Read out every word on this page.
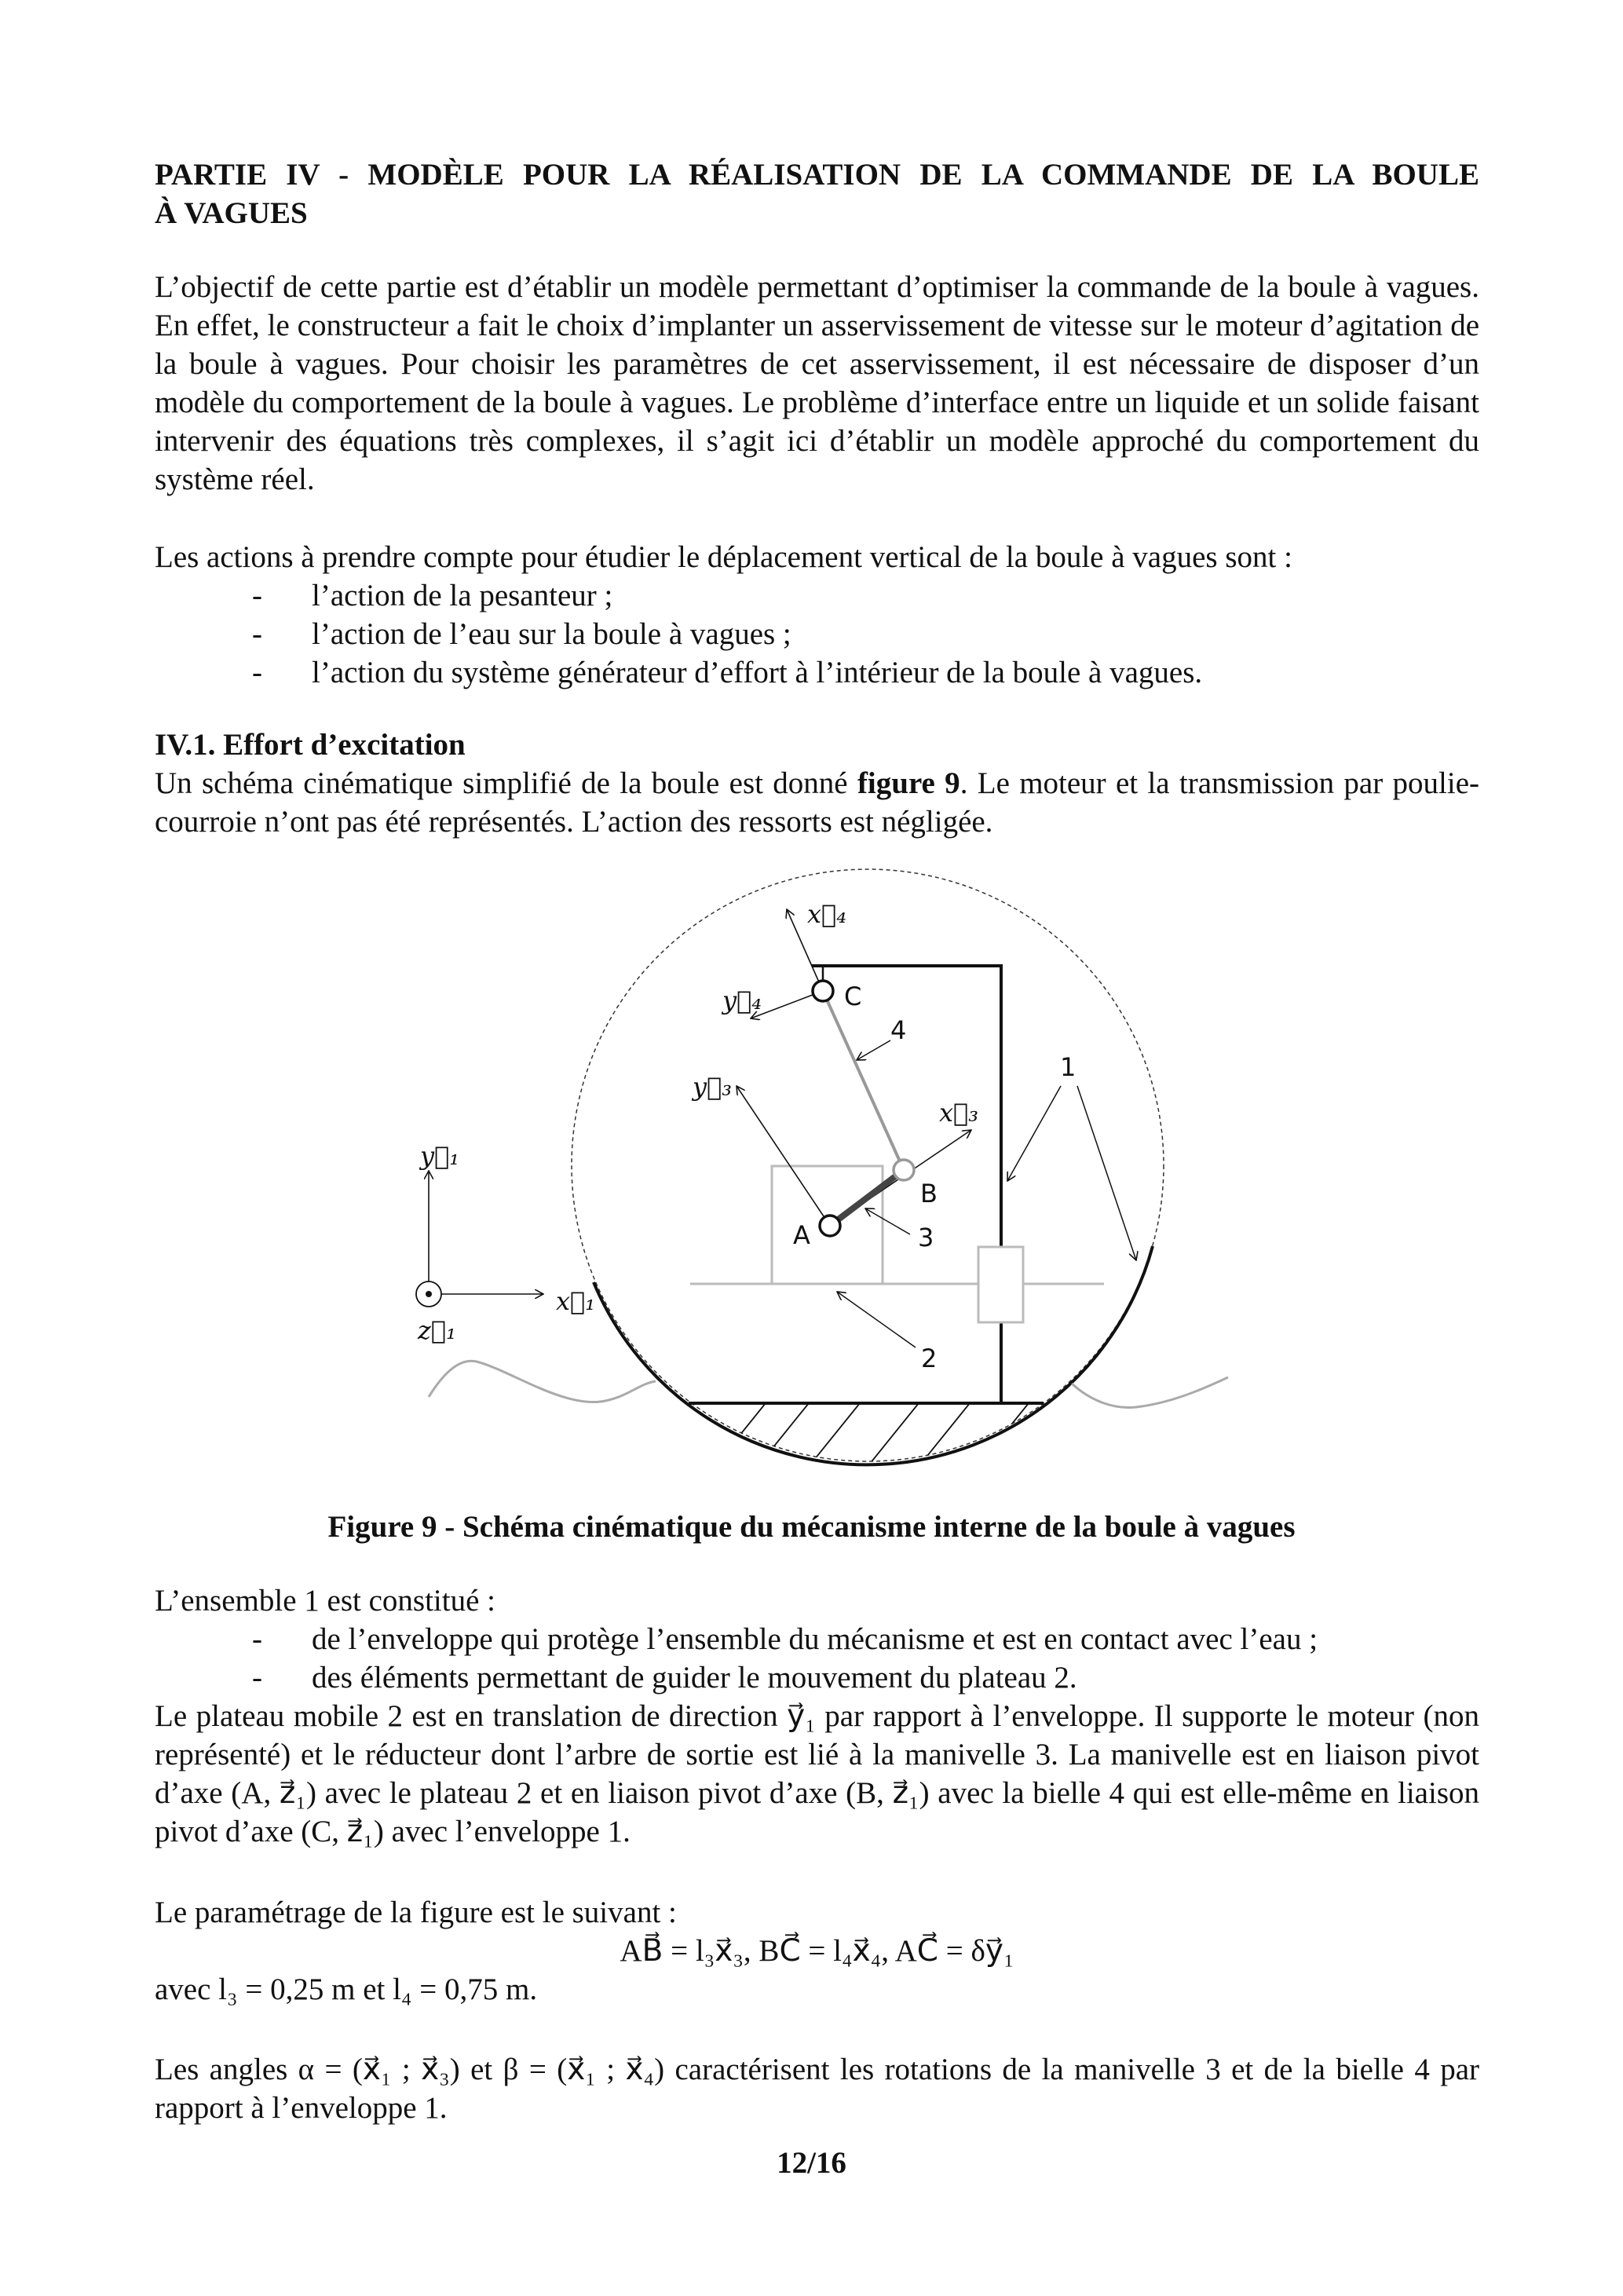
PARTIE IV - MODÈLE POUR LA RÉALISATION DE LA COMMANDE DE LA BOULE

À VAGUES

L’objectif de cette partie est d’établir un modèle permettant d’optimiser la commande de la boule à vagues. En effet, le constructeur a fait le choix d’implanter un asservissement de vitesse sur le moteur d’agitation de la boule à vagues. Pour choisir les paramètres de cet asservissement, il est nécessaire de disposer d’un modèle du comportement de la boule à vagues. Le problème d’interface entre un liquide et un solide faisant intervenir des équations très complexes, il s’agit ici d’établir un modèle approché du comportement du système réel.

Les actions à prendre compte pour étudier le déplacement vertical de la boule à vagues sont :

- l’action de la pesanteur ;

- l’action de l’eau sur la boule à vagues ;

- l’action du système générateur d’effort à l’intérieur de la boule à vagues.

IV.1. Effort d’excitation

Un schéma cinématique simplifié de la boule est donné figure 9. Le moteur et la transmission par poulie-courroie n’ont pas été représentés. L’action des ressorts est négligée.

x⃗₄
y⃗₄	C
4
y⃗₃
x⃗₃
B
A	3
2
1
y⃗₁
x⃗₁
z⃗₁
Figure 9 - Schéma cinématique du mécanisme interne de la boule à vagues

L’ensemble 1 est constitué :

- de l’enveloppe qui protège l’ensemble du mécanisme et est en contact avec l’eau ;

- des éléments permettant de guider le mouvement du plateau 2.

Le plateau mobile 2 est en translation de direction y⃗₁ par rapport à l’enveloppe. Il supporte le moteur (non représenté) et le réducteur dont l’arbre de sortie est lié à la manivelle 3. La manivelle est en liaison pivot d’axe (A, z⃗₁) avec le plateau 2 et en liaison pivot d’axe (B, z⃗₁) avec la bielle 4 qui est elle-même en liaison pivot d’axe (C, z⃗₁) avec l’enveloppe 1.

Le paramétrage de la figure est le suivant :

AB⃗ = l₃x⃗₃, BC⃗ = l₄x⃗₄, AC⃗ = δy⃗₁

avec l₃ = 0,25 m et l₄ = 0,75 m.

Les angles α = (x⃗₁ ; x⃗₃) et β = (x⃗₁ ; x⃗₄) caractérisent les rotations de la manivelle 3 et de la bielle 4 par rapport à l’enveloppe 1.

12/16
